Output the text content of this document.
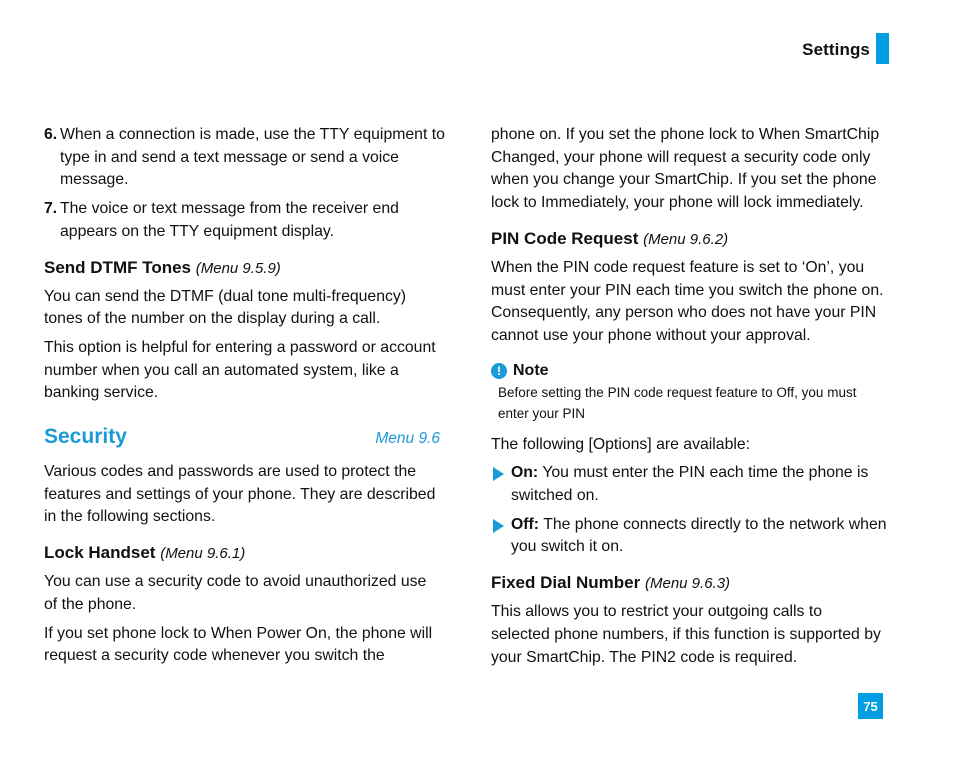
Settings
6. When a connection is made, use the TTY equipment to type in and send a text message or send a voice message.
7. The voice or text message from the receiver end appears on the TTY equipment display.
Send DTMF Tones (Menu 9.5.9)

You can send the DTMF (dual tone multi-frequency) tones of the number on the display during a call.

This option is helpful for entering a password or account number when you call an automated system, like a banking service.

Security	Menu 9.6

Various codes and passwords are used to protect the features and settings of your phone. They are described in the following sections.

Lock Handset (Menu 9.6.1)

You can use a security code to avoid unauthorized use of the phone.

If you set phone lock to When Power On, the phone will request a security code whenever you switch the

phone on. If you set the phone lock to When SmartChip Changed, your phone will request a security code only when you change your SmartChip. If you set the phone lock to Immediately, your phone will lock immediately.

PIN Code Request (Menu 9.6.2)

When the PIN code request feature is set to ‘On’, you must enter your PIN each time you switch the phone on. Consequently, any person who does not have your PIN cannot use your phone without your approval.

! Note

Before setting the PIN code request feature to Off, you must enter your PIN

The following [Options] are available:

On: You must enter the PIN each time the phone is switched on.
Off: The phone connects directly to the network when you switch it on.
Fixed Dial Number (Menu 9.6.3)

This allows you to restrict your outgoing calls to selected phone numbers, if this function is supported by your SmartChip. The PIN2 code is required.

75
